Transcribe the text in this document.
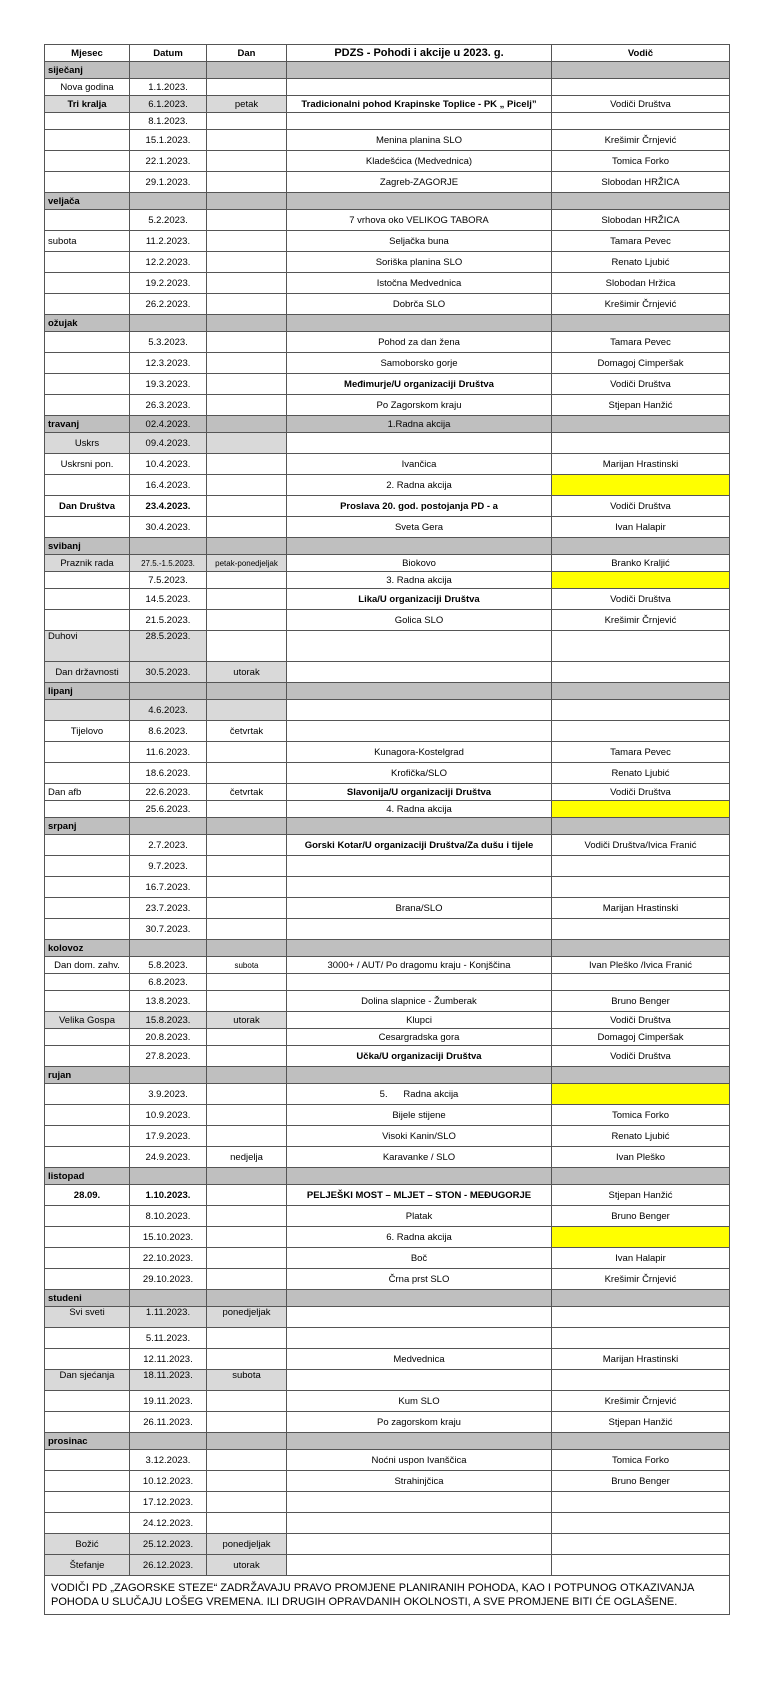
Mjesec	Datum	Dan	PDZS - Pohodi i akcije u 2023. g.	Vodič
siječanj				
Nova godina	1.1.2023.			
Tri kralja	6.1.2023.	petak	Tradicionalni pohod Krapinske Toplice - PK „ Picelj”	Vodiči Društva
	8.1.2023.			
	15.1.2023.		Menina planina SLO	Krešimir Črnjević
	22.1.2023.		Kladešćica (Medvednica)	Tomica Forko
	29.1.2023.		Zagreb-ZAGORJE	Slobodan HRŽICA
veljača				
	5.2.2023.		7 vrhova oko VELIKOG TABORA	Slobodan HRŽICA
subota	11.2.2023.		Seljačka buna	Tamara Pevec
	12.2.2023.		Soriška planina SLO	Renato Ljubić
	19.2.2023.		Istočna Medvednica	Slobodan Hržica
	26.2.2023.		Dobrča SLO	Krešimir Črnjević
ožujak				
	5.3.2023.		Pohod za dan žena	Tamara Pevec
	12.3.2023.		Samoborsko gorje	Domagoj Cimperšak
	19.3.2023.		Međimurje/U organizaciji Društva	Vodiči Društva
	26.3.2023.		Po Zagorskom kraju	Stjepan Hanžić
travanj	02.4.2023.		1.Radna akcija	
Uskrs	09.4.2023.			
Uskrsni pon.	10.4.2023.		Ivančica	Marijan Hrastinski
	16.4.2023.		2. Radna akcija	
Dan Društva	23.4.2023.		Proslava 20. god. postojanja PD - a	Vodiči Društva
	30.4.2023.		Sveta Gera	Ivan Halapir
svibanj				
Praznik rada	27.5.-1.5.2023.	petak-ponedjeljak	Biokovo	Branko Kraljić
	7.5.2023.		3. Radna akcija	
	14.5.2023.		Lika/U organizaciji Društva	Vodiči Društva
	21.5.2023.		Golica SLO	Krešimir Črnjević
Duhovi	28.5.2023.			
Dan državnosti	30.5.2023.	utorak		
lipanj				
	4.6.2023.			
Tijelovo	8.6.2023.	četvrtak		
	11.6.2023.		Kunagora-Kostelgrad	Tamara Pevec
	18.6.2023.		Krofička/SLO	Renato Ljubić
Dan afb	22.6.2023.	četvrtak	Slavonija/U organizaciji Društva	Vodiči Društva
	25.6.2023.		4. Radna akcija	
srpanj				
	2.7.2023.		Gorski Kotar/U organizaciji Društva/Za dušu i tijele	Vodiči Društva/Ivica Franić
	9.7.2023.			
	16.7.2023.			
	23.7.2023.		Brana/SLO	Marijan Hrastinski
	30.7.2023.			
kolovoz				
Dan dom. zahv.	5.8.2023.	subota	3000+ / AUT/ Po dragomu kraju - Konjščina	Ivan Pleško /Ivica Franić
	6.8.2023.			
	13.8.2023.		Dolina slapnice - Žumberak	Bruno Benger
Velika Gospa	15.8.2023.	utorak	Klupci	Vodiči Društva
	20.8.2023.		Cesargradska gora	Domagoj Cimperšak
	27.8.2023.		Učka/U organizaciji Društva	Vodiči Društva
rujan				
	3.9.2023.		5.      Radna akcija	
	10.9.2023.		Bijele stijene	Tomica Forko
	17.9.2023.		Visoki Kanin/SLO	Renato Ljubić
	24.9.2023.	nedjelja	Karavanke / SLO	Ivan Pleško
listopad				
28.09.	1.10.2023.		PELJEŠKI MOST – MLJET – STON - MEĐUGORJE	Stjepan Hanžić
	8.10.2023.		Platak	Bruno Benger
	15.10.2023.		6. Radna akcija	
	22.10.2023.		Boč	Ivan Halapir
	29.10.2023.		Črna prst SLO	Krešimir Črnjević
studeni				
Svi sveti	1.11.2023.	ponedjeljak		
	5.11.2023.			
	12.11.2023.		Medvednica	Marijan Hrastinski
Dan sjećanja	18.11.2023.	subota		
	19.11.2023.		Kum SLO	Krešimir Črnjević
	26.11.2023.		Po zagorskom kraju	Stjepan Hanžić
prosinac				
	3.12.2023.		Noćni uspon Ivanščica	Tomica Forko
	10.12.2023.		Strahinjčica	Bruno Benger
	17.12.2023.			
	24.12.2023.			
Božić	25.12.2023.	ponedjeljak		
Štefanje	26.12.2023.	utorak		
VODIČI PD „ZAGORSKE STEZE“ ZADRŽAVAJU PRAVO PROMJENE PLANIRANIH POHODA, KAO I POTPUNOG OTKAZIVANJA POHODA U SLUČAJU LOŠEG VREMENA. ILI DRUGIH OPRAVDANIH OKOLNOSTI, A SVE PROMJENE BITI ĆE OGLAŠENE.				
